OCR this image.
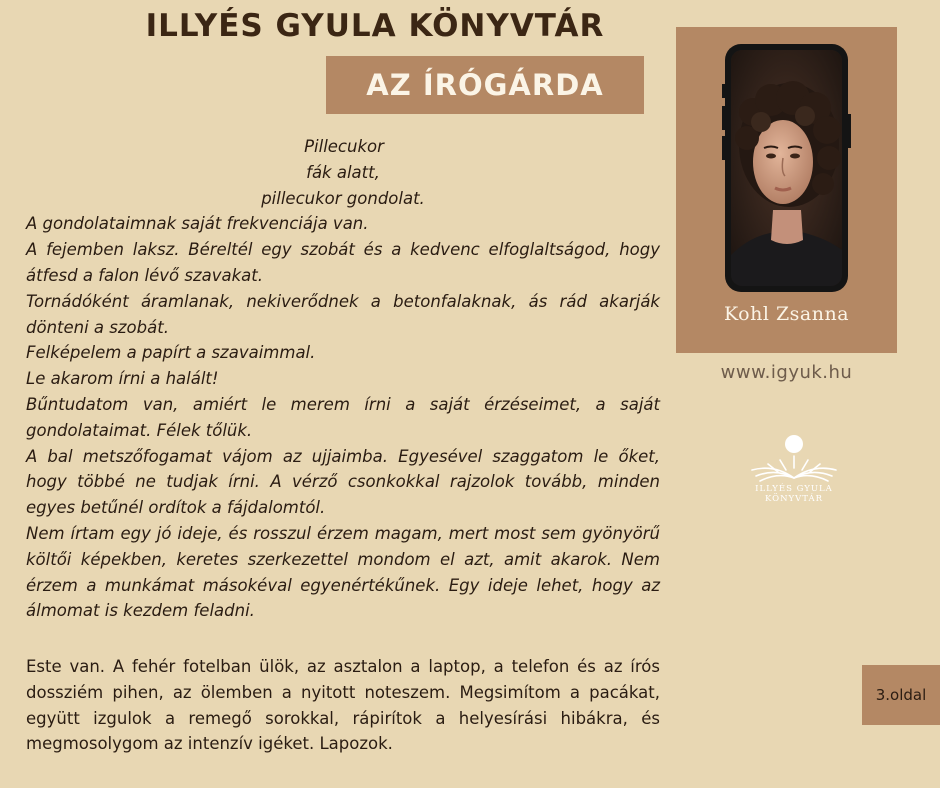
ILLYÉS GYULA KÖNYVTÁR
AZ ÍRÓGÁRDA
Pillecukor
fák alatt,
pillecukor gondolat.
A gondolataimnak saját frekvenciája van.
A fejemben laksz. Béreltél egy szobát és a kedvenc elfoglaltságod, hogy átfesd a falon lévő szavakat.
Tornádóként áramlanak, nekiverődnek a betonfalaknak, ás rád akarják dönteni a szobát.
Felképelem a papírt a szavaimmal.
Le akarom írni a halált!
Bűntudatom van, amiért le merem írni a saját érzéseimet, a saját gondolataimat. Félek tőlük.
A bal metszőfogamat vájom az ujjaimba. Egyesével szaggatom le őket, hogy többé ne tudjak írni. A vérző csonkokkal rajzolok tovább, minden egyes betűnél ordítok a fájdalomtól.
Nem írtam egy jó ideje, és rosszul érzem magam, mert most sem gyönyörű költői képekben, keretes szerkezettel mondom el azt, amit akarok. Nem érzem a munkámat másokéval egyenértékűnek. Egy ideje lehet, hogy az álmomat is kezdem feladni.
Este van. A fehér fotelban ülök, az asztalon a laptop, a telefon és az írós dossziém pihen, az ölemben a nyitott noteszem. Megsimítom a pacákat, együtt izgulok a remegő sorokkal, rápirítok a helyesírási hibákra, és megmosolygom az intenzív igéket. Lapozok.
Kohl Zsanna
www.igyuk.hu
ILLYÉS GYULA
KÖNYVTÁR
3.oldal
